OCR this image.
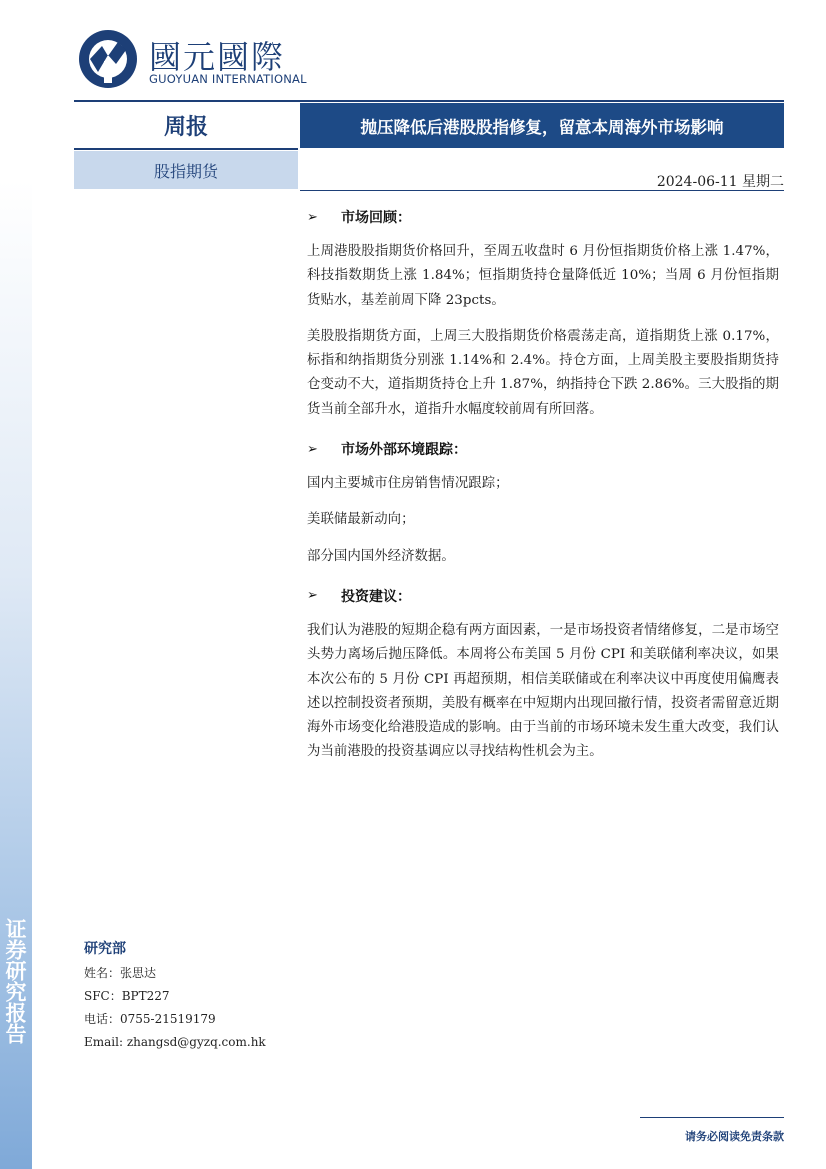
证券研究报告
國元國際
GUOYUAN INTERNATIONAL
周报	抛压降低后港股股指修复，留意本周海外市场影响
股指期货
2024-06-11 星期二
➢	市场回顾：

上周港股股指期货价格回升，至周五收盘时 6 月份恒指期货价格上涨 1.47%，科技指数期货上涨 1.84%；恒指期货持仓量降低近 10%；当周 6 月份恒指期货贴水，基差前周下降 23pcts。

美股股指期货方面，上周三大股指期货价格震荡走高，道指期货上涨 0.17%，标指和纳指期货分别涨 1.14%和 2.4%。持仓方面，上周美股主要股指期货持仓变动不大，道指期货持仓上升 1.87%，纳指持仓下跌 2.86%。三大股指的期货当前全部升水，道指升水幅度较前周有所回落。

➢	市场外部环境跟踪：

国内主要城市住房销售情况跟踪；

美联储最新动向；

部分国内国外经济数据。

➢	投资建议：

我们认为港股的短期企稳有两方面因素，一是市场投资者情绪修复，二是市场空头势力离场后抛压降低。本周将公布美国 5 月份 CPI 和美联储利率决议，如果本次公布的 5 月份 CPI 再超预期，相信美联储或在利率决议中再度使用偏鹰表述以控制投资者预期，美股有概率在中短期内出现回撤行情，投资者需留意近期海外市场变化给港股造成的影响。由于当前的市场环境未发生重大改变，我们认为当前港股的投资基调应以寻找结构性机会为主。

研究部
姓名：张思达
SFC：BPT227
电话：0755-21519179
Email: zhangsd@gyzq.com.hk
请务必阅读免责条款
